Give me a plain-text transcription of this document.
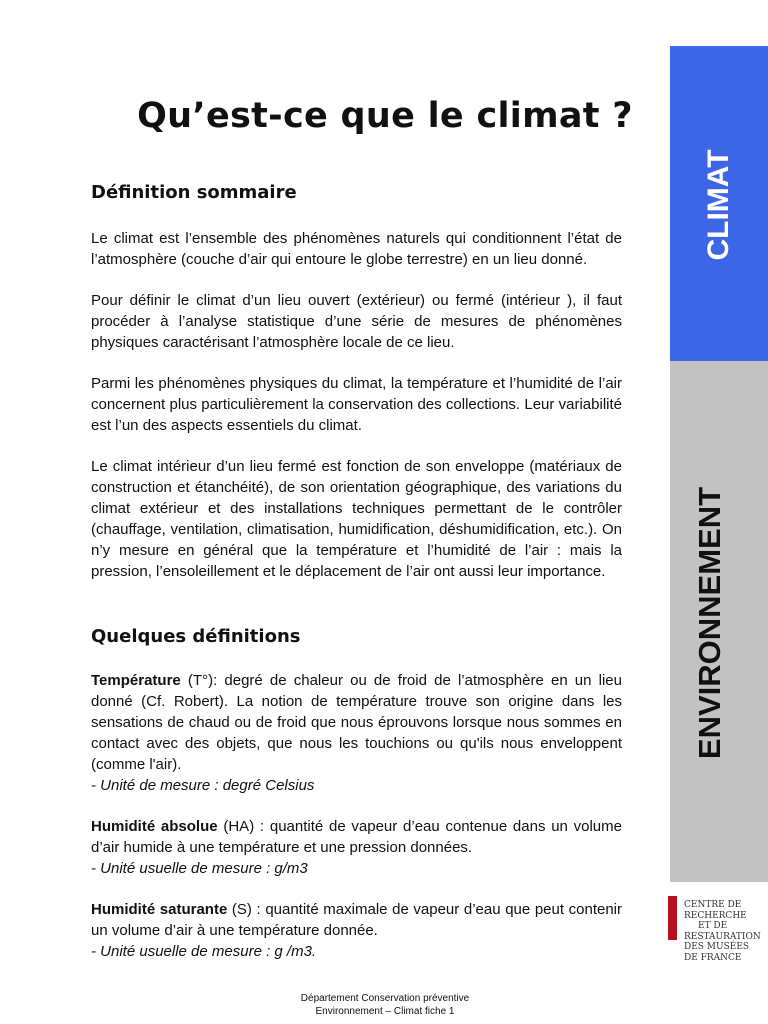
Qu’est-ce que le climat ?
Définition sommaire

Le climat est l’ensemble des phénomènes naturels qui conditionnent l’état de l’atmosphère (couche d’air qui entoure le globe terrestre) en un lieu donné.

Pour définir le climat d’un lieu ouvert (extérieur) ou fermé (intérieur ), il faut procéder à l’analyse statistique d’une série de mesures de phénomènes physiques caractérisant l’atmosphère locale de ce lieu.

Parmi les phénomènes physiques du climat, la température et l’humidité de l’air concernent plus particulièrement la conservation des collections. Leur variabilité est l’un des aspects essentiels du climat.

Le climat intérieur d’un lieu fermé est fonction de son enveloppe (matériaux de construction et étanchéité), de son orientation géographique, des variations du climat extérieur et des installations techniques permettant de le contrôler (chauffage, ventilation, climatisation, humidification, déshumidification, etc.). On n’y mesure en général que la température et l’humidité de l’air : mais la pression, l’ensoleillement et le déplacement de l’air ont aussi leur importance.

Quelques définitions
Température (T°): degré de chaleur ou de froid de l’atmosphère en un lieu donné (Cf. Robert). La notion de température trouve son origine dans les sensations de chaud ou de froid que nous éprouvons lorsque nous sommes en contact avec des objets, que nous les touchions ou qu'ils nous enveloppent (comme l'air).
- Unité de mesure : degré Celsius
Humidité absolue (HA) : quantité de vapeur d’eau contenue dans un volume d’air humide à une température et une pression données.
- Unité usuelle de mesure : g/m3
Humidité saturante (S) : quantité maximale de vapeur d’eau que peut contenir un volume d’air à une température donnée.
- Unité usuelle de mesure : g /m3.
CLIMAT
ENVIRONNEMENT
CENTRE DE
RECHERCHE
ET DE
RESTAURATION
DES MUSÉES
DE FRANCE
Département Conservation préventive
Environnement – Climat fiche 1
